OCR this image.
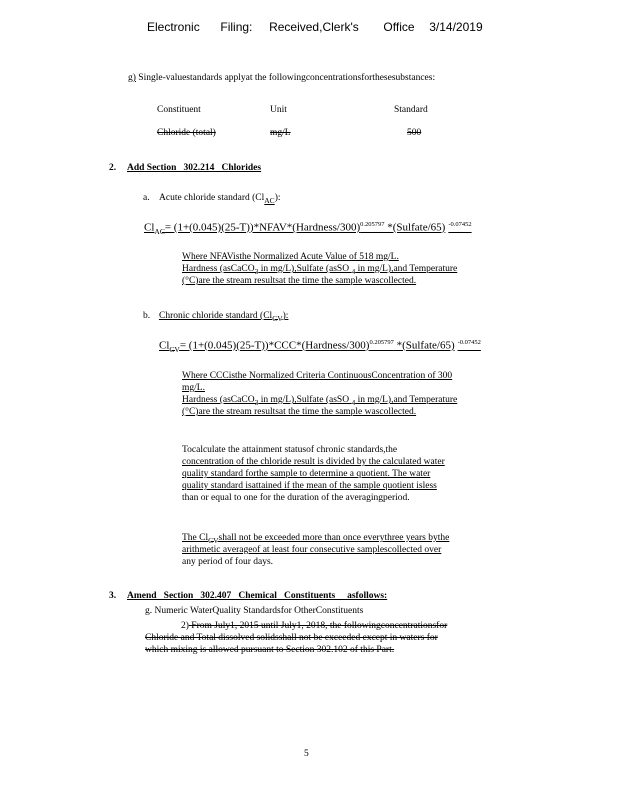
Electronic Filing: Received,Clerk's Office 3/14/2019
g) Single-valuestandards applyat the followingconcentrationsforthesesubstances:
Constituent	Unit	Standard
Chloride (total)	mg/L	500
2. Add Section   302.214   Chlorides
a. Acute chloride standard $(Cl_{AC})$:
$Cl_{AC}=$ (1+(0.045)(25-T))*NFAV*(Hardness/300)$^{0.205797}$ *(Sulfate/65) $^{-0.07452}$
Where NFAVisthe Normalized Acute Value of 518 mg/L.
Hardness (asCaCO$_3$ in mg/L),Sulfate (asSO $_4$ in mg/L),and Temperature
(°C)are the stream resultsat the time the sample wascollected.
b. Chronic chloride standard $(Cl_{CV})$:
$Cl_{CV}=$ (1+(0.045)(25-T))*CCC*(Hardness/300)$^{0.205797}$ *(Sulfate/65) $^{-0.07452}$
Where CCCisthe Normalized Criteria ContinuousConcentration of 300
mg/L.
Hardness (asCaCO$_3$ in mg/L),Sulfate (asSO $_4$ in mg/L),and Temperature
(°C)are the stream resultsat the time the sample wascollected.
Tocalculate the attainment statusof chronic standards,the
concentration of the chloride result is divided by the calculated water
quality standard forthe sample to determine a quotient. The water
quality standard isattained if the mean of the sample quotient isless
than or equal to one for the duration of the averagingperiod.
The $Cl_{CV}shall$ not be exceeded more than once everythree years bythe
arithmetic averageof at least four consecutive samplescollected over
any period of four days.
3. Amend   Section   302.407   Chemical   Constituents     asfollows:
g. Numeric WaterQuality Standardsfor OtherConstituents
2) From July1, 2015 until July1, 2018, the followingconcentrationsfor
Chloride and Total dissolved solidsshall not be exceeded except in waters for
which mixing is allowed pursuant to Section 302.102 of this Part.
5
